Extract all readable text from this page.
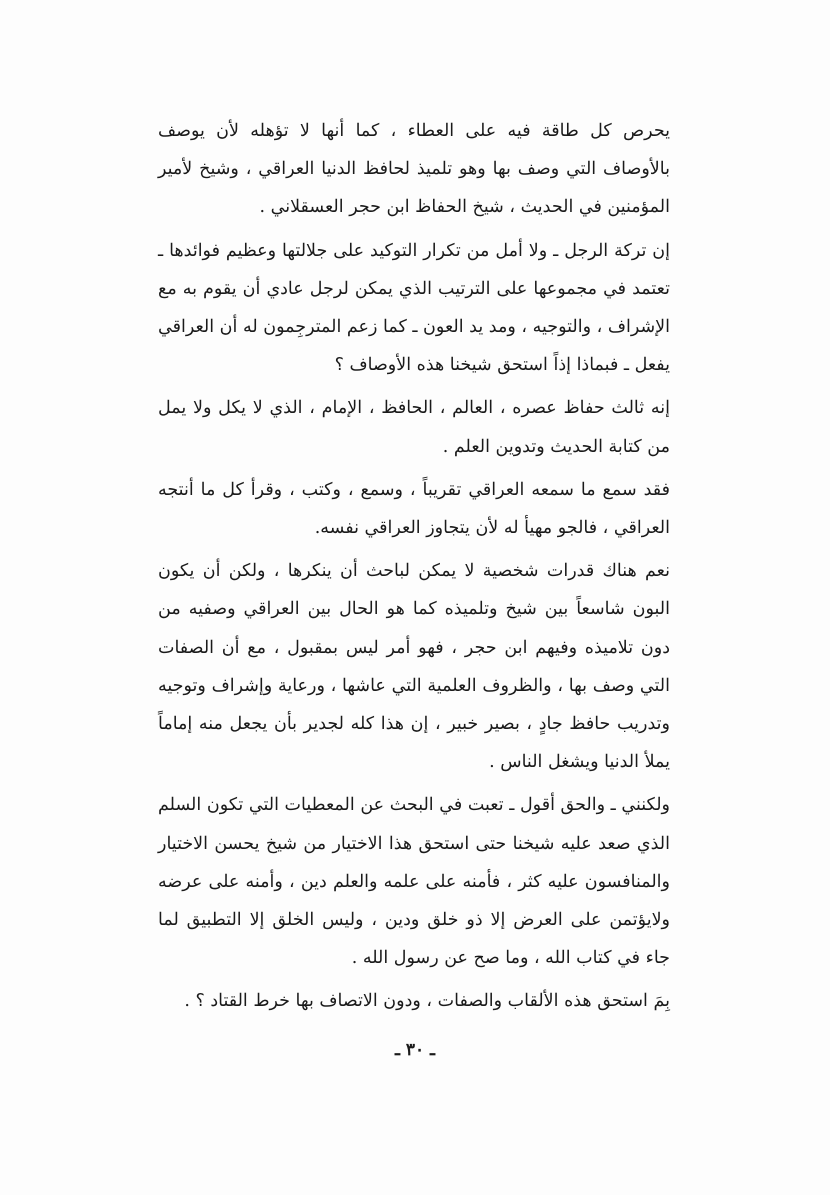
يحرص كل طاقة فيه على العطاء ، كما أنها لا تؤهله لأن يوصف بالأوصاف التي وصف بها وهو تلميذ لحافظ الدنيا العراقي ، وشيخ لأمير المؤمنين في الحديث ، شيخ الحفاظ ابن حجر العسقلاني .

إن تركة الرجل ـ ولا أمل من تكرار التوكيد على جلالتها وعظيم فوائدها ـ تعتمد في مجموعها على الترتيب الذي يمكن لرجل عادي أن يقوم به مع الإشراف ، والتوجيه ، ومد يد العون ـ كما زعم المترجِمون له أن العراقي يفعل ـ فبماذا إذاً استحق شيخنا هذه الأوصاف ؟

إنه ثالث حفاظ عصره ، العالم ، الحافظ ، الإمام ، الذي لا يكل ولا يمل من كتابة الحديث وتدوين العلم .

فقد سمع ما سمعه العراقي تقريباً ، وسمع ، وكتب ، وقرأ كل ما أنتجه العراقي ، فالجو مهيأ له لأن يتجاوز العراقي نفسه.

نعم هناك قدرات شخصية لا يمكن لباحث أن ينكرها ، ولكن أن يكون البون شاسعاً بين شيخ وتلميذه كما هو الحال بين العراقي وصفيه من دون تلاميذه وفيهم ابن حجر ، فهو أمر ليس بمقبول ، مع أن الصفات التي وصف بها ، والظروف العلمية التي عاشها ، ورعاية وإشراف وتوجيه وتدريب حافظ جادٍ ، بصير خبير ، إن هذا كله لجدير بأن يجعل منه إماماً يملأ الدنيا ويشغل الناس .

ولكنني ـ والحق أقول ـ تعبت في البحث عن المعطيات التي تكون السلم الذي صعد عليه شيخنا حتى استحق هذا الاختيار من شيخ يحسن الاختيار والمنافسون عليه كثر ، فأمنه على علمه والعلم دين ، وأمنه على عرضه ولايؤتمن على العرض إلا ذو خلق ودين ، وليس الخلق إلا التطبيق لما جاء في كتاب الله ، وما صح عن رسول الله .

بِمَ استحق هذه الألقاب والصفات ، ودون الاتصاف بها خرط القتاد ؟ .

ـ ٣٠ ـ
